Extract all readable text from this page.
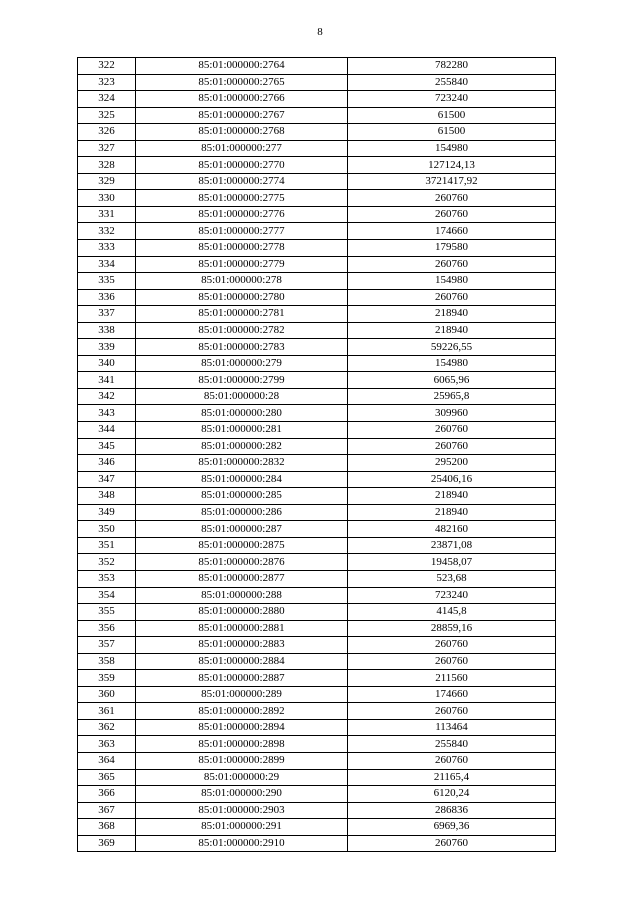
8
322	85:01:000000:2764	782280
323	85:01:000000:2765	255840
324	85:01:000000:2766	723240
325	85:01:000000:2767	61500
326	85:01:000000:2768	61500
327	85:01:000000:277	154980
328	85:01:000000:2770	127124,13
329	85:01:000000:2774	3721417,92
330	85:01:000000:2775	260760
331	85:01:000000:2776	260760
332	85:01:000000:2777	174660
333	85:01:000000:2778	179580
334	85:01:000000:2779	260760
335	85:01:000000:278	154980
336	85:01:000000:2780	260760
337	85:01:000000:2781	218940
338	85:01:000000:2782	218940
339	85:01:000000:2783	59226,55
340	85:01:000000:279	154980
341	85:01:000000:2799	6065,96
342	85:01:000000:28	25965,8
343	85:01:000000:280	309960
344	85:01:000000:281	260760
345	85:01:000000:282	260760
346	85:01:000000:2832	295200
347	85:01:000000:284	25406,16
348	85:01:000000:285	218940
349	85:01:000000:286	218940
350	85:01:000000:287	482160
351	85:01:000000:2875	23871,08
352	85:01:000000:2876	19458,07
353	85:01:000000:2877	523,68
354	85:01:000000:288	723240
355	85:01:000000:2880	4145,8
356	85:01:000000:2881	28859,16
357	85:01:000000:2883	260760
358	85:01:000000:2884	260760
359	85:01:000000:2887	211560
360	85:01:000000:289	174660
361	85:01:000000:2892	260760
362	85:01:000000:2894	113464
363	85:01:000000:2898	255840
364	85:01:000000:2899	260760
365	85:01:000000:29	21165,4
366	85:01:000000:290	6120,24
367	85:01:000000:2903	286836
368	85:01:000000:291	6969,36
369	85:01:000000:2910	260760
